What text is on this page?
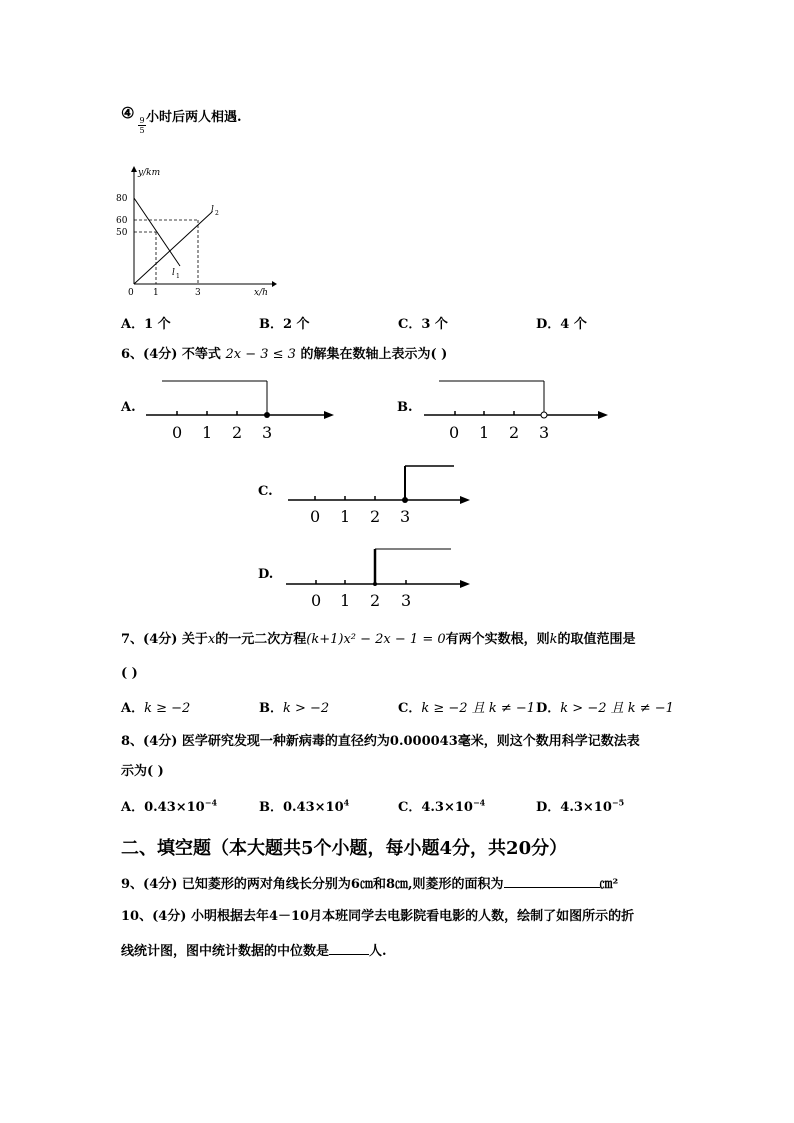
④
$\frac{9}{5}$ 小时后两人相遇.
y/km
x/h
0
80
60
50
1	3
l 1
l 2
A．1 个	B．2 个	C．3 个	D．4 个
6、(4分) 不等式 2x − 3 ≤ 3 的解集在数轴上表示为( )
A.
0 1 2 3
B.
0 1 2 3
C.
0 1 2 3
D.
0 1 2 3
7、(4分) 关于x的一元二次方程(k+1)x² − 2x − 1 = 0有两个实数根，则k的取值范围是
( )
A．k ≥ −2	B．k > −2	C．k ≥ −2 且 k ≠ −1 D．k > −2 且 k ≠ −1
8、(4分) 医学研究发现一种新病毒的直径约为0.000043毫米，则这个数用科学记数法表
示为( )
A．$0.43\times 10^{-4}$	B．$0.43\times 10^4$	C．$4.3\times 10^{-4}$	D．$4.3\times 10^{-5}$
二、填空题（本大题共5个小题，每小题4分，共20分）
9、(4分) 已知菱形的两对角线长分别为6㎝和8㎝,则菱形的面积为	㎝²
10、(4分) 小明根据去年4－10月本班同学去电影院看电影的人数，绘制了如图所示的折
线统计图，图中统计数据的中位数是	人.
